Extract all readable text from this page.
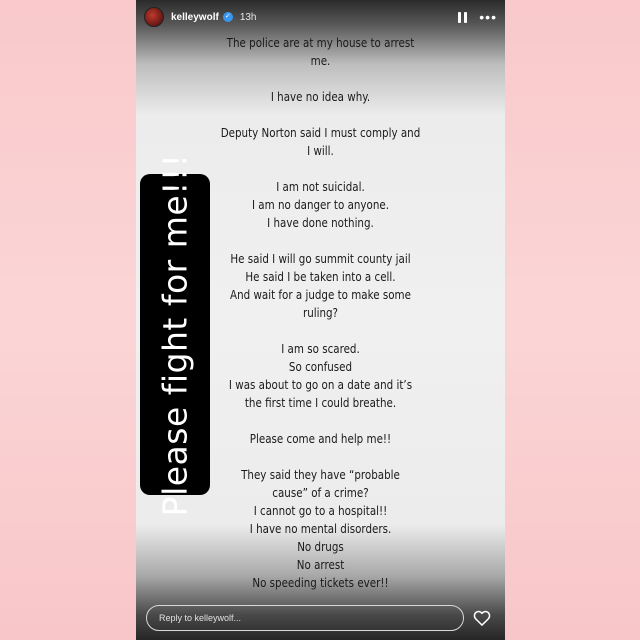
kelleywolf ✓ 13h	•••
The police are at my house to arrest
me.
I have no idea why.
Deputy Norton said I must comply and
I will.
I am not suicidal.
I am no danger to anyone.
I have done nothing.
He said I will go summit county jail
He said I be taken into a cell.
And wait for a judge to make some
ruling?
I am so scared.
So confused
I was about to go on a date and it’s
the first time I could breathe.
Please come and help me!!
They said they have “probable
cause” of a crime?
I cannot go to a hospital!!
I have no mental disorders.
No drugs
No arrest
No speeding tickets ever!!
Please fight for me!!!
Reply to kelleywolf...
